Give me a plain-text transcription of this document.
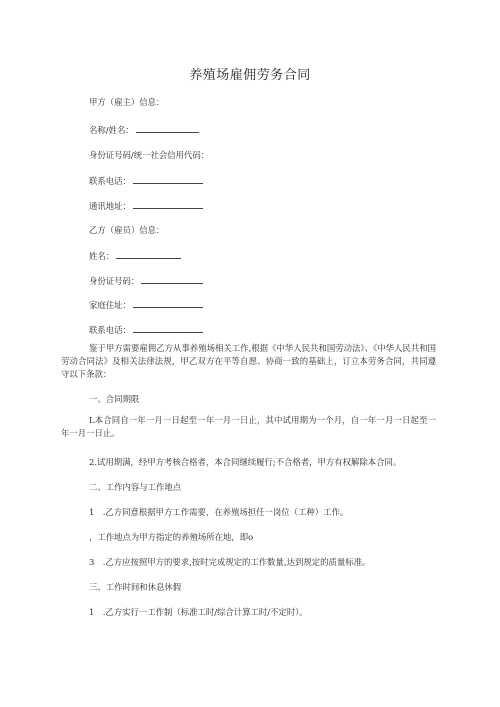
养殖场雇佣劳务合同
甲方（雇主）信息：
名称/姓名：
身份证号码/统一社会信用代码：
联系电话：
通讯地址：
乙方（雇员）信息：
姓名：
身份证号码：
家庭住址：
联系电话：
鉴于甲方需要雇佣乙方从事养殖场相关工作,根据《中华人民共和国劳动法》、《中华人民共和国劳动合同法》及相关法律法规，甲乙双方在平等自愿、协商一致的基础上，订立本劳务合同，共同遵守以下条款：
一、合同期限
L本合同自一年一月一日起至一年一月一日止，其中试用期为一个月，自一年一月一日起至一年一月一日止。
2.试用期满，经甲方考核合格者，本合同继续履行;不合格者，甲方有权解除本合同。
二、工作内容与工作地点
1　.乙方同意根据甲方工作需要，在养殖场担任一岗位（工种）工作。
，工作地点为甲方指定的养殖场所在地，即o
3　.乙方应按照甲方的要求,按时完成规定的工作数量,达到规定的质量标准。
三、工作时间和休息休假
1　.乙方实行一工作制（标准工时/综合计算工时/不定时）。
